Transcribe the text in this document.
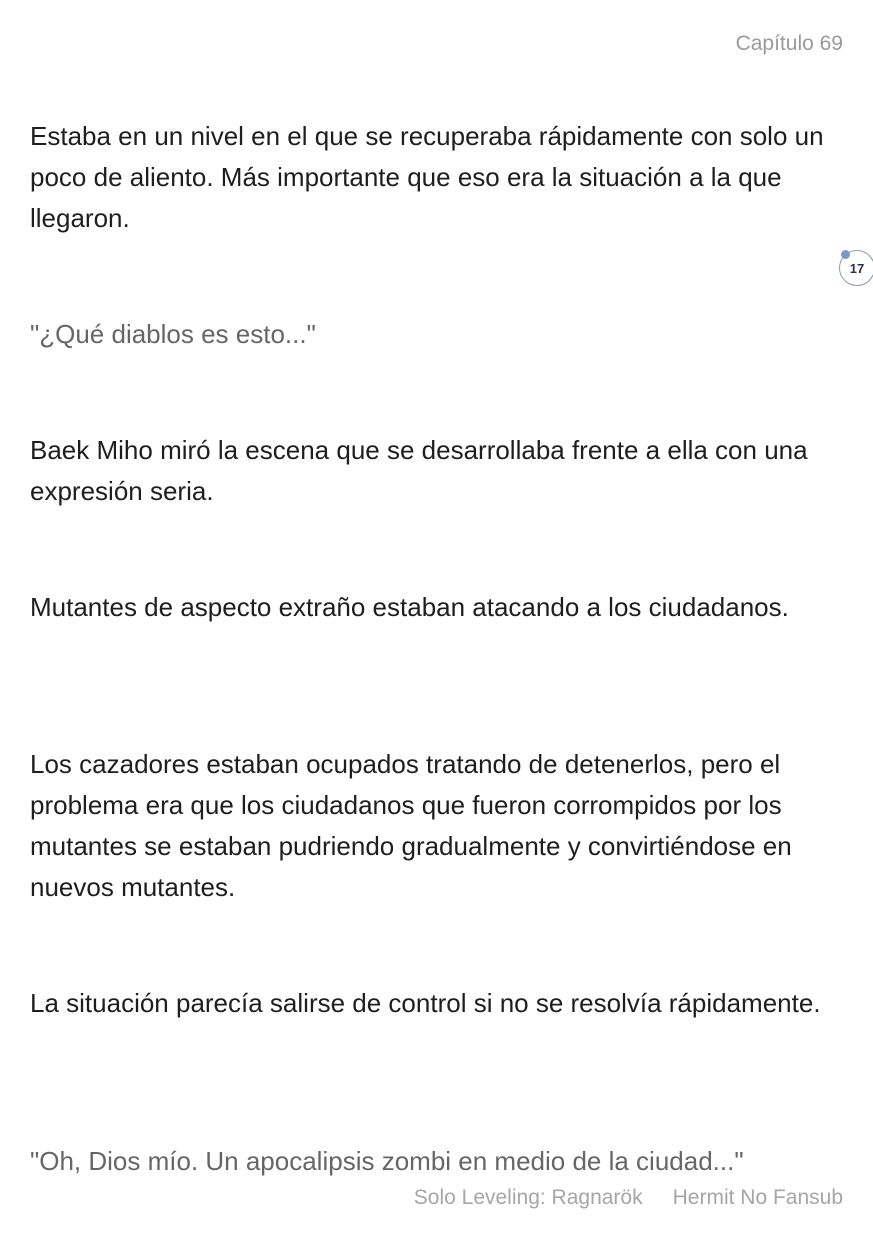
Capítulo 69

Estaba en un nivel en el que se recuperaba rápidamente con solo un poco de aliento. Más importante que eso era la situación a la que llegaron.

"¿Qué diablos es esto..."

Baek Miho miró la escena que se desarrollaba frente a ella con una expresión seria.

Mutantes de aspecto extraño estaban atacando a los ciudadanos.

Los cazadores estaban ocupados tratando de detenerlos, pero el problema era que los ciudadanos que fueron corrompidos por los mutantes se estaban pudriendo gradualmente y convirtiéndose en nuevos mutantes.

La situación parecía salirse de control si no se resolvía rápidamente.

"Oh, Dios mío. Un apocalipsis zombi en medio de la ciudad..."

17
Solo Leveling: Ragnarök Hermit No Fansub
